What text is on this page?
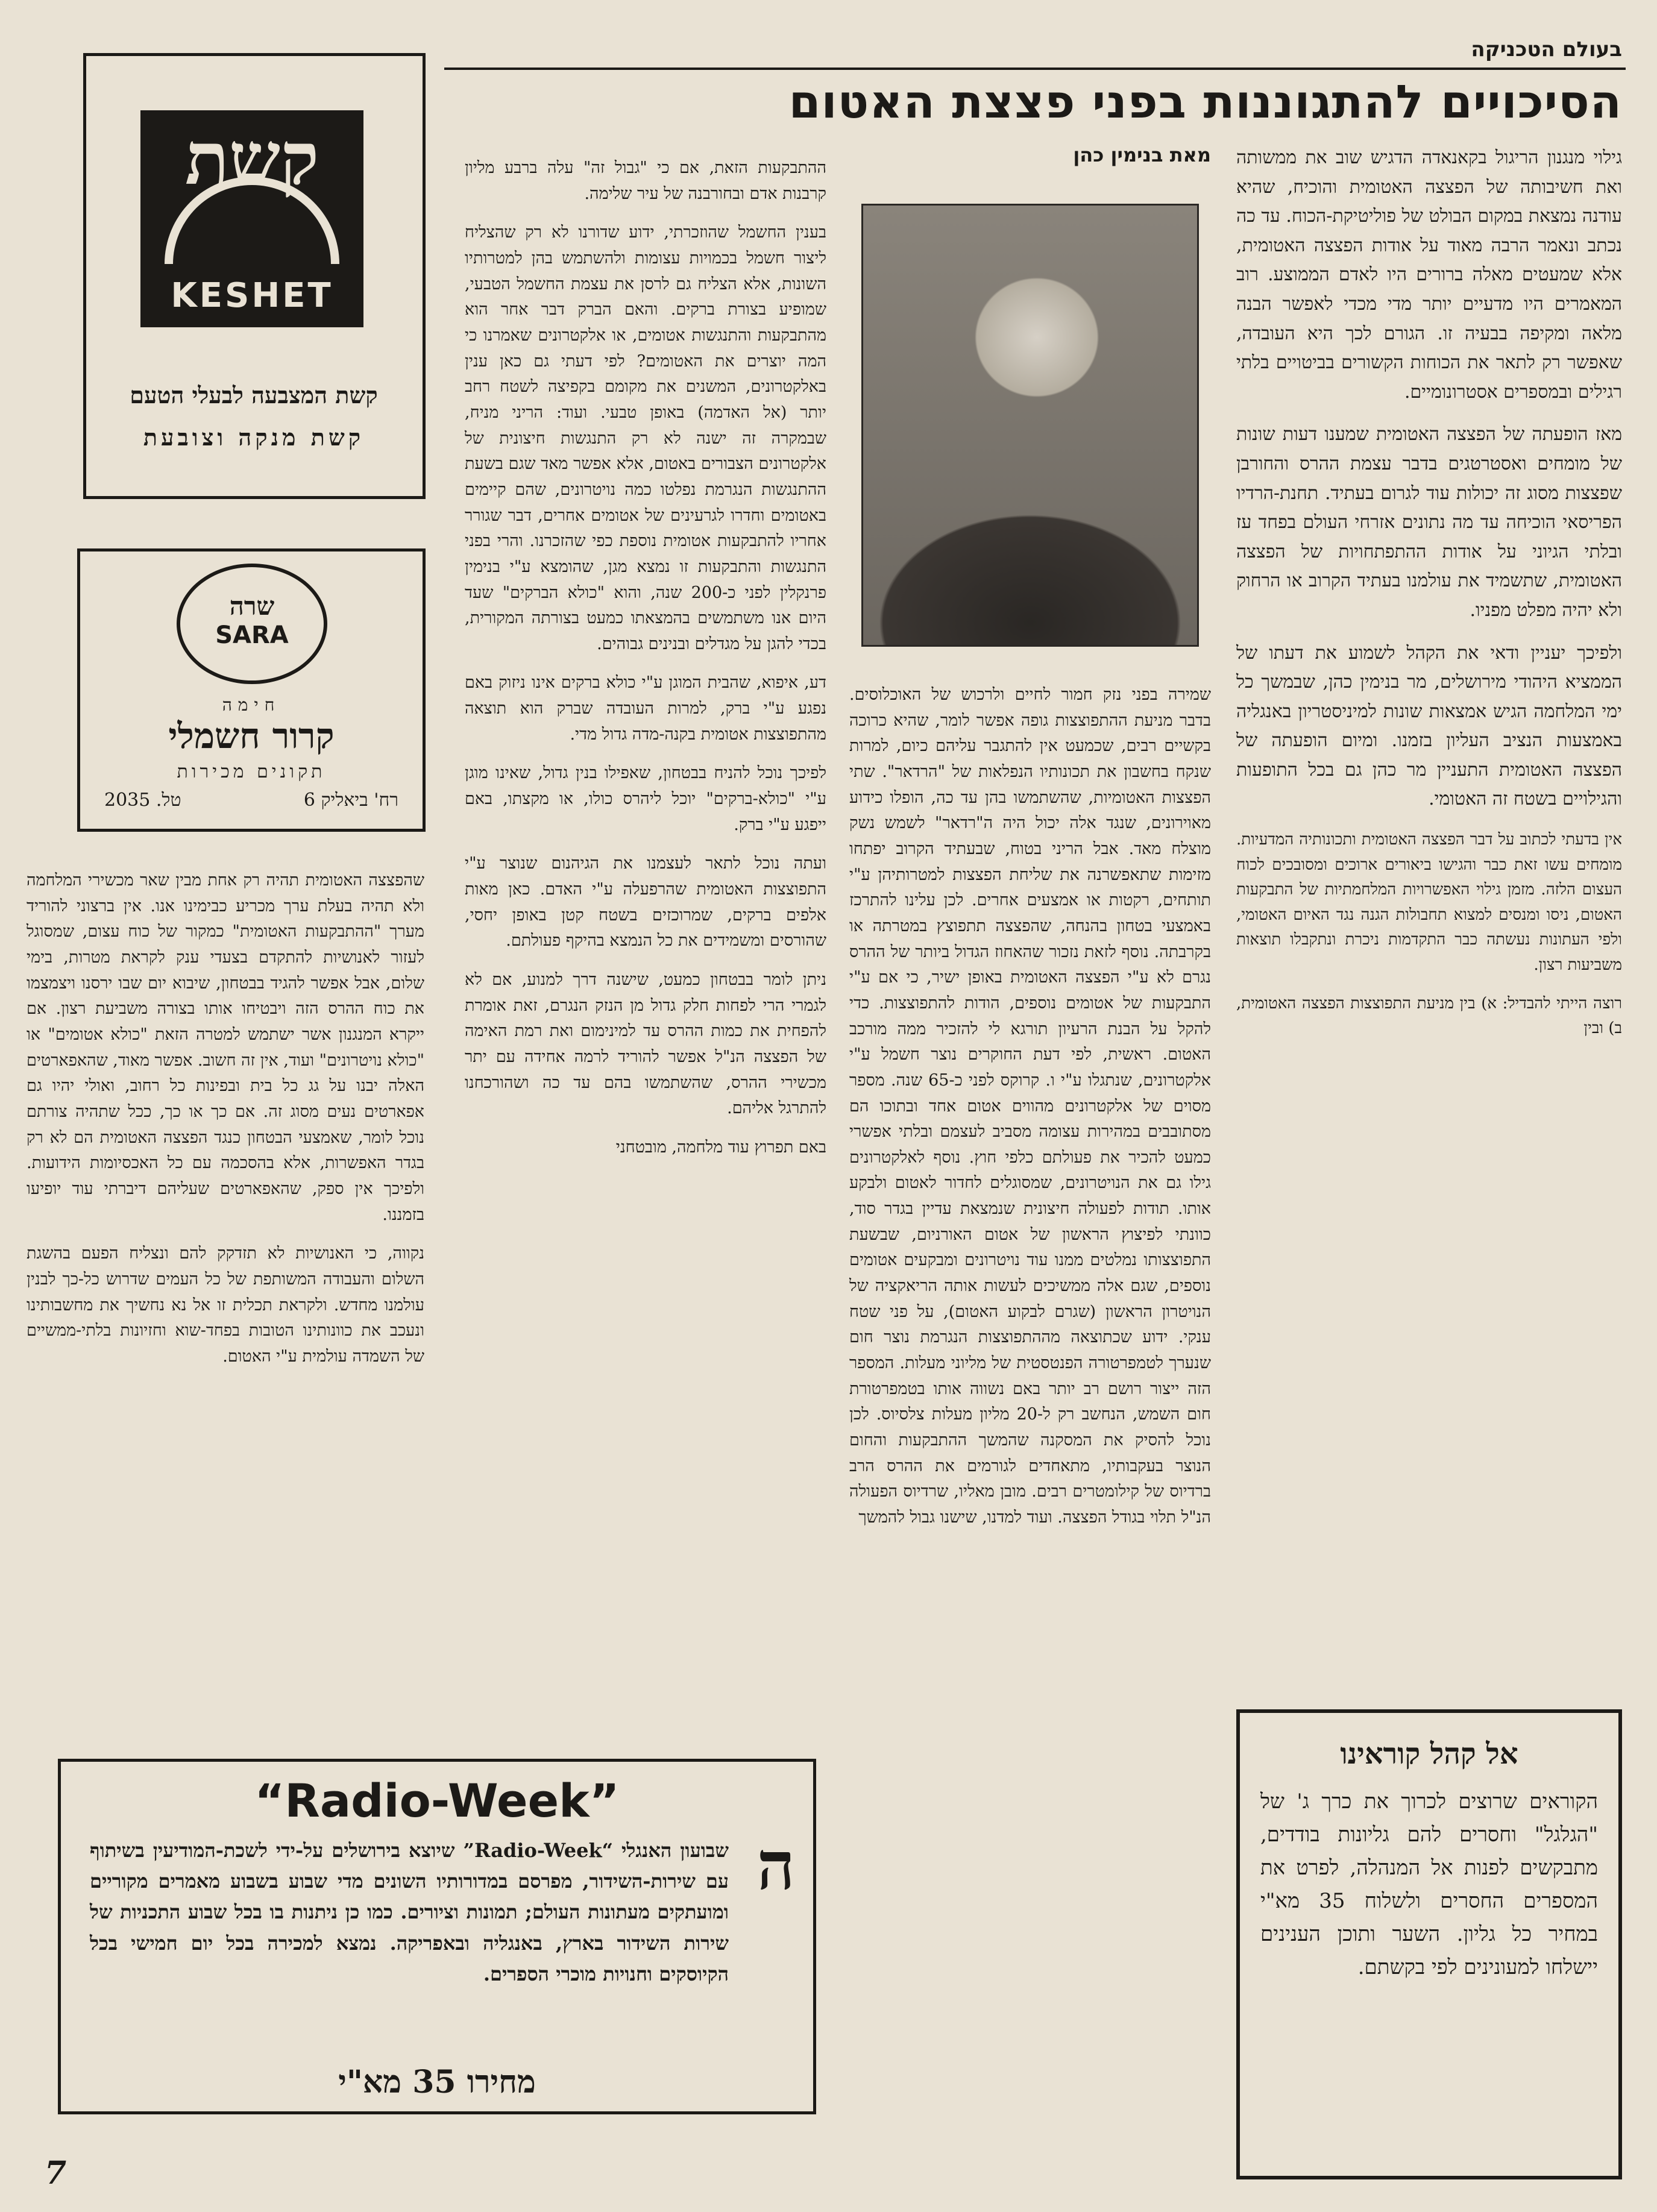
בעולם הטכניקה
הסיכויים להתגוננות בפני פצצת האטום

גילוי מנגנון הריגול בקאנאדה הדגיש שוב את ממשותה ואת חשיבותה של הפצצה האטומית והוכיח, שהיא עודנה נמצאת במקום הבולט של פוליטיקת-הכוח. עד כה נכתב ונאמר הרבה מאוד על אודות הפצצה האטומית, אלא שמעטים מאלה ברורים היו לאדם הממוצע. רוב המאמרים היו מדעיים יותר מדי מכדי לאפשר הבנה מלאה ומקיפה בבעיה זו. הגורם לכך היא העובדה, שאפשר רק לתאר את הכוחות הקשורים בביטויים בלתי רגילים ובמספרים אסטרונומיים.

מאז הופעתה של הפצצה האטומית שמענו דעות שונות של מומחים ואסטרטגים בדבר עצמת ההרס והחורבן שפצצות מסוג זה יכולות עוד לגרום בעתיד. תחנת-הרדיו הפריסאי הוכיחה עד מה נתונים אזרחי העולם בפחד עז ובלתי הגיוני על אודות ההתפתחויות של הפצצה האטומית, שתשמיד את עולמנו בעתיד הקרוב או הרחוק ולא יהיה מפלט מפניו.

ולפיכך יעניין ודאי את הקהל לשמוע את דעתו של הממציא היהודי מירושלים, מר בנימין כהן, שבמשך כל ימי המלחמה הגיש אמצאות שונות למיניסטריון באנגליה באמצעות הנציב העליון בזמנו. ומיום הופעתה של הפצצה האטומית התעניין מר כהן גם בכל התופעות והגילויים בשטח זה האטומי.

אין בדעתי לכתוב על דבר הפצצה האטומית ותכונותיה המדעיות. מומחים עשו זאת כבר והגישו ביאורים ארוכים ומסובכים לכוח העצום הלזה. מזמן גילוי האפשרויות המלחמתיות של התבקעות האטום, ניסו ומנסים למצוא תחבולות הגנה נגד האיום האטומי, ולפי העתונות נעשתה כבר התקדמות ניכרת ונתקבלו תוצאות משביעות רצון.

רוצה הייתי להבדיל: א) בין מניעת התפוצצות הפצצה האטומית, ב) ובין

מאת בנימין כהן

שמירה בפני נזק חמור לחיים ולרכוש של האוכלוסים. בדבר מניעת ההתפוצצות גופה אפשר לומר, שהיא כרוכה בקשיים רבים, שכמעט אין להתגבר עליהם כיום, למרות שנקח בחשבון את תכונותיו הנפלאות של "הרדאר". שתי הפצצות האטומיות, שהשתמשו בהן עד כה, הופלו כידוע מאוירונים, שנגד אלה יכול היה ה"רדאר" לשמש נשק מוצלח מאד. אבל הריני בטוח, שבעתיד הקרוב יפתחו מזימות שתאפשרנה את שליחת הפצצות למטרותיהן ע"י תותחים, רקטות או אמצעים אחרים. לכן עלינו להתרכז באמצעי בטחון בהנחה, שהפצצה תתפוצץ במטרתה או בקרבתה. נוסף לזאת נזכור שהאחוז הגדול ביותר של ההרס נגרם לא ע"י הפצצה האטומית באופן ישיר, כי אם ע"י התבקעות של אטומים נוספים, הודות להתפוצצות. כדי להקל על הבנת הרעיון תורגא לי להזכיר ממה מורכב האטום. ראשית, לפי דעת החוקרים נוצר חשמל ע"י אלקטרונים, שנתגלו ע"י ו. קרוקס לפני כ-65 שנה. מספר מסוים של אלקטרונים מהווים אטום אחד ובתוכו הם מסתובבים במהירות עצומה מסביב לעצמם ובלתי אפשרי כמעט להכיר את פעולתם כלפי חוץ. נוסף לאלקטרונים גילו גם את הנויטרונים, שמסוגלים לחדור לאטום ולבקע אותו. תודות לפעולה חיצונית שנמצאת עדיין בגדר סוד, כוונתי לפיצוץ הראשון של אטום האורניום, שבשעת התפוצצותו נמלטים ממנו עוד נויטרונים ומבקעים אטומים נוספים, שגם אלה ממשיכים לעשות אותה הריאקציה של הנויטרון הראשון (שגרם לבקוע האטום), על פני שטח ענקי. ידוע שכתוצאה מההתפוצצות הנגרמת נוצר חום שנערך לטמפרטורה הפנטסטית של מליוני מעלות. המספר הזה ייצור רושם רב יותר באם נשווה אותו בטמפרטורת חום השמש, הנחשב רק ל-20 מליון מעלות צלסיוס. לכן נוכל להסיק את המסקנה שהמשך ההתבקעות והחום הנוצר בעקבותיו, מתאחדים לגורמים את ההרס הרב ברדיוס של קילומטרים רבים. מובן מאליו, שרדיוס הפעולה הנ"ל תלוי בגודל הפצצה. ועוד למדנו, שישנו גבול להמשך

ההתבקעות הזאת, אם כי "גבול זה" עלה ברבע מליון קרבנות אדם ובחורבנה של עיר שלימה.

בענין החשמל שהוזכרתי, ידוע שדורנו לא רק שהצליח ליצור חשמל בכמויות עצומות ולהשתמש בהן למטרותיו השונות, אלא הצליח גם לרסן את עצמת החשמל הטבעי, שמופיע בצורת ברקים. והאם הברק דבר אחר הוא מהתבקעות והתנגשות אטומים, או אלקטרונים שאמרנו כי המה יוצרים את האטומים? לפי דעתי גם כאן ענין באלקטרונים, המשנים את מקומם בקפיצה לשטח רחב יותר (אל האדמה) באופן טבעי. ועוד: הריני מניח, שבמקרה זה ישנה לא רק התנגשות חיצונית של אלקטרונים הצבורים באטום, אלא אפשר מאד שגם בשעת ההתנגשות הנגרמת נפלטו כמה נויטרונים, שהם קיימים באטומים וחדרו לגרעינים של אטומים אחרים, דבר שגורר אחריו להתבקעות אטומית נוספת כפי שהזכרנו. והרי בפני התנגשות והתבקעות זו נמצא מגן, שהומצא ע"י בנימין פרנקלין לפני כ-200 שנה, והוא "כולא הברקים" שעד היום אנו משתמשים בהמצאתו כמעט בצורתה המקורית, בכדי להגן על מגדלים ובנינים גבוהים.

דע, איפוא, שהבית המוגן ע"י כולא ברקים אינו ניזוק באם נפגע ע"י ברק, למרות העובדה שברק הוא תוצאה מהתפוצצות אטומית בקנה-מדה גדול מדי.

לפיכך נוכל להניח בבטחון, שאפילו בנין גדול, שאינו מוגן ע"י "כולא-ברקים" יוכל ליהרס כולו, או מקצתו, באם ייפגע ע"י ברק.

ועתה נוכל לתאר לעצמנו את הגיהנום שנוצר ע"י התפוצצות האטומית שהרפעלה ע"י האדם. כאן מאות אלפים ברקים, שמרוכזים בשטח קטן באופן יחסי, שהורסים ומשמידים את כל הנמצא בהיקף פעולתם.

ניתן לומר בבטחון כמעט, שישנה דרך למנוע, אם לא לגמרי הרי לפחות חלק גדול מן הנזק הנגרם, זאת אומרת להפחית את כמות ההרס עד למינימום ואת רמת האימה של הפצצה הנ"ל אפשר להוריד לרמה אחידה עם יתר מכשירי ההרס, שהשתמשו בהם עד כה ושהורכחנו להתרגל אליהם.

באם תפרוץ עוד מלחמה, מובטחני

קשת
KESHET
קשת המצבעה לבעלי הטעם
קשת מנקה וצובעת
שרה
SARA
חימה
קרור חשמלי
תקונים מכירות
רח' ביאליק 6
טל. 2035

שהפצצה האטומית תהיה רק אחת מבין שאר מכשירי המלחמה ולא תהיה בעלת ערך מכריע כבימינו אנו. אין ברצוני להוריד מערך "ההתבקעות האטומית" כמקור של כוח עצום, שמסוגל לעזור לאנושיות להתקדם בצעדי ענק לקראת מטרות, בימי שלום, אבל אפשר להגיד בבטחון, שיבוא יום שבו ירסנו ויצמצמו את כוח ההרס הזה ויבטיחו אותו בצורה משביעת רצון. אם ייקרא המנגנון אשר ישתמש למטרה הזאת "כולא אטומים" או "כולא נויטרונים" ועוד, אין זה חשוב. אפשר מאוד, שהאפארטים האלה יבנו על גג כל בית ובפינות כל רחוב, ואולי יהיו גם אפארטים נעים מסוג זה. אם כך או כך, ככל שתהיה צורתם נוכל לומר, שאמצעי הבטחון כנגד הפצצה האטומית הם לא רק בגדר האפשרות, אלא בהסכמה עם כל האכסיומות הידועות. ולפיכך אין ספק, שהאפארטים שעליהם דיברתי עוד יופיעו בזמננו.

נקווה, כי האנושיות לא תזדקק להם ונצליח הפעם בהשגת השלום והעבודה המשותפת של כל העמים שדרוש כל-כך לבנין עולמנו מחדש. ולקראת תכלית זו אל נא נחשיך את מחשבותינו ונעכב את כוונותינו הטובות בפחד-שוא וחזיונות בלתי-ממשיים של השמדה עולמית ע"י האטום.

“Radio-Week”
ה
שבועון האנגלי “Radio-Week” שיוצא בירושלים על-ידי לשכת-המודיעין בשיתוף עם שירות-השידור, מפרסם במדורותיו השונים מדי שבוע בשבוע מאמרים מקוריים ומועתקים מעתונות העולם; תמונות וציורים. כמו כן ניתנות בו בכל שבוע התכניות של שירות השידור בארץ, באנגליה ובאפריקה. נמצא למכירה בכל יום חמישי בכל הקיוסקים וחנויות מוכרי הספרים.
מחירו 35 מא"י
אל קהל קוראינו
הקוראים שרוצים לכרוך את כרך ג' של "הגלגל" וחסרים להם גליונות בודדים, מתבקשים לפנות אל המנהלה, לפרט את המספרים החסרים ולשלוח 35 מא"י במחיר כל גליון. השער ותוכן הענינים יישלחו למעונינים לפי בקשתם.
7
